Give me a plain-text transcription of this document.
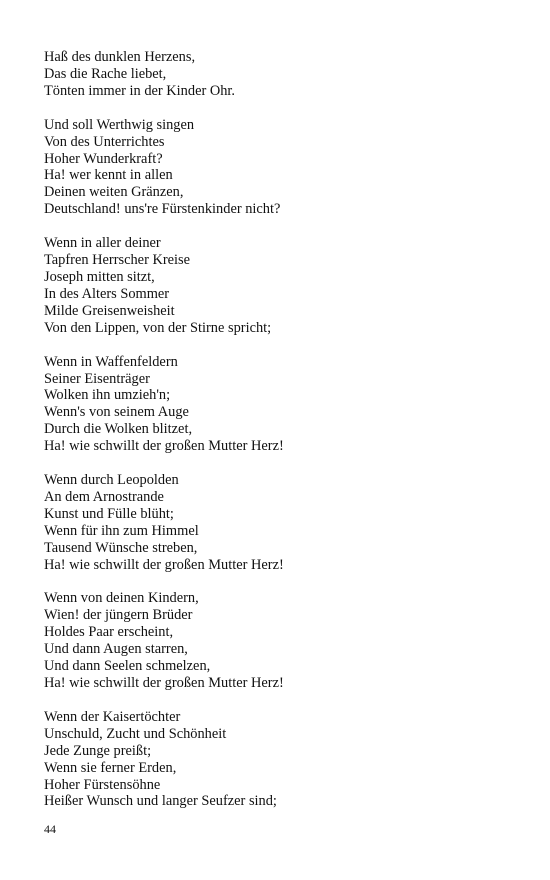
Haß des dunklen Herzens,
Das die Rache liebet,
Tönten immer in der Kinder Ohr.
Und soll Werthwig singen
Von des Unterrichtes
Hoher Wunderkraft?
Ha! wer kennt in allen
Deinen weiten Gränzen,
Deutschland! uns're Fürstenkinder nicht?
Wenn in aller deiner
Tapfren Herrscher Kreise
Joseph mitten sitzt,
In des Alters Sommer
Milde Greisenweisheit
Von den Lippen, von der Stirne spricht;
Wenn in Waffenfeldern
Seiner Eisenträger
Wolken ihn umzieh'n;
Wenn's von seinem Auge
Durch die Wolken blitzet,
Ha! wie schwillt der großen Mutter Herz!
Wenn durch Leopolden
An dem Arnostrande
Kunst und Fülle blüht;
Wenn für ihn zum Himmel
Tausend Wünsche streben,
Ha! wie schwillt der großen Mutter Herz!
Wenn von deinen Kindern,
Wien! der jüngern Brüder
Holdes Paar erscheint,
Und dann Augen starren,
Und dann Seelen schmelzen,
Ha! wie schwillt der großen Mutter Herz!
Wenn der Kaisertöchter
Unschuld, Zucht und Schönheit
Jede Zunge preißt;
Wenn sie ferner Erden,
Hoher Fürstensöhne
Heißer Wunsch und langer Seufzer sind;
44
